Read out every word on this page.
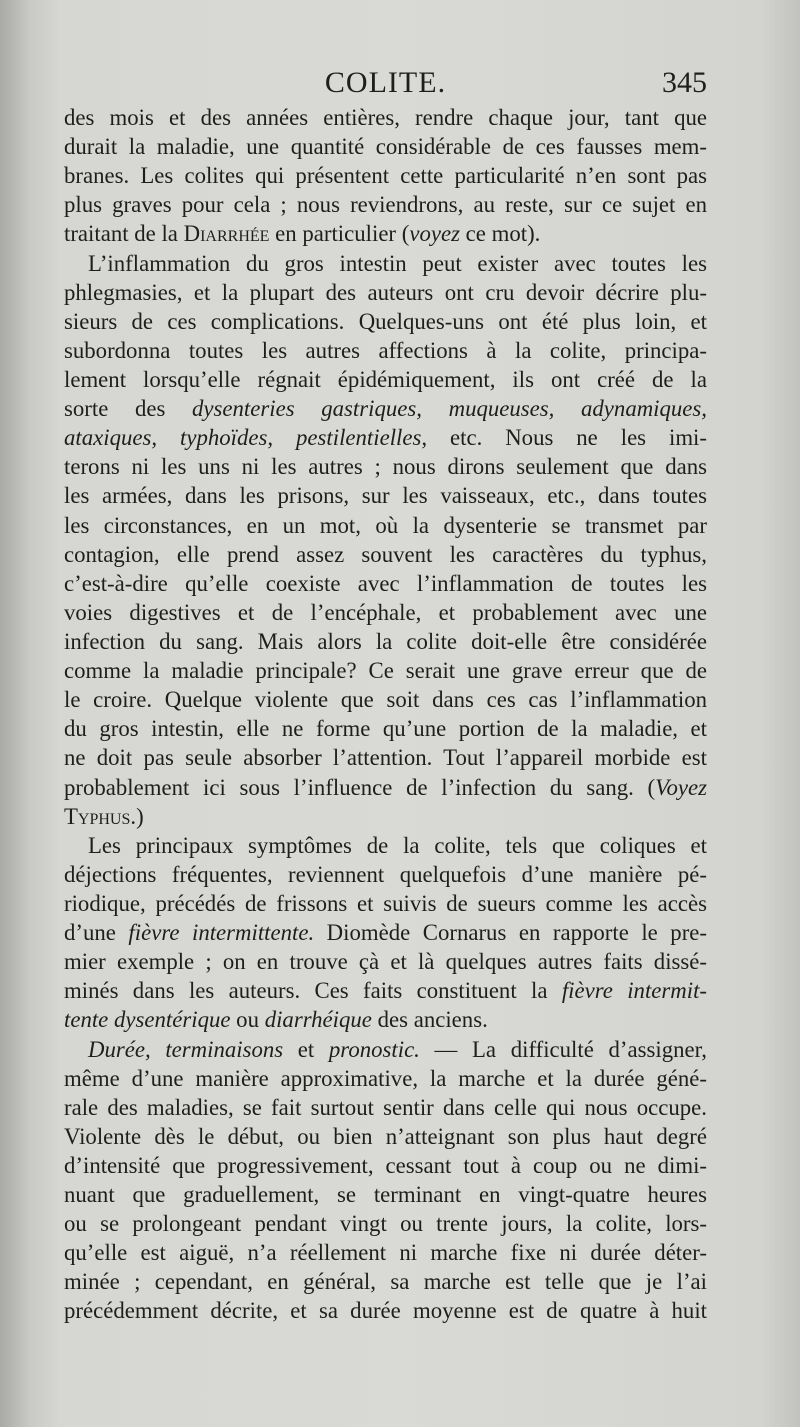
COLITE.	345
des mois et des années entières, rendre chaque jour, tant que
durait la maladie, une quantité considérable de ces fausses mem-
branes. Les colites qui présentent cette particularité n’en sont pas
plus graves pour cela ; nous reviendrons, au reste, sur ce sujet en
traitant de la Diarrhée en particulier (voyez ce mot).
L’inflammation du gros intestin peut exister avec toutes les
phlegmasies, et la plupart des auteurs ont cru devoir décrire plu-
sieurs de ces complications. Quelques-uns ont été plus loin, et
subordonna toutes les autres affections à la colite, principa-
lement lorsqu’elle régnait épidémiquement, ils ont créé de la
sorte des dysenteries gastriques, muqueuses, adynamiques,
ataxiques, typhoïdes, pestilentielles, etc. Nous ne les imi-
terons ni les uns ni les autres ; nous dirons seulement que dans
les armées, dans les prisons, sur les vaisseaux, etc., dans toutes
les circonstances, en un mot, où la dysenterie se transmet par
contagion, elle prend assez souvent les caractères du typhus,
c’est-à-dire qu’elle coexiste avec l’inflammation de toutes les
voies digestives et de l’encéphale, et probablement avec une
infection du sang. Mais alors la colite doit-elle être considérée
comme la maladie principale? Ce serait une grave erreur que de
le croire. Quelque violente que soit dans ces cas l’inflammation
du gros intestin, elle ne forme qu’une portion de la maladie, et
ne doit pas seule absorber l’attention. Tout l’appareil morbide est
probablement ici sous l’influence de l’infection du sang. (Voyez
Typhus.)
Les principaux symptômes de la colite, tels que coliques et
déjections fréquentes, reviennent quelquefois d’une manière pé-
riodique, précédés de frissons et suivis de sueurs comme les accès
d’une fièvre intermittente. Diomède Cornarus en rapporte le pre-
mier exemple ; on en trouve çà et là quelques autres faits dissé-
minés dans les auteurs. Ces faits constituent la fièvre intermit-
tente dysentérique ou diarrhéique des anciens.
Durée, terminaisons et pronostic. — La difficulté d’assigner,
même d’une manière approximative, la marche et la durée géné-
rale des maladies, se fait surtout sentir dans celle qui nous occupe.
Violente dès le début, ou bien n’atteignant son plus haut degré
d’intensité que progressivement, cessant tout à coup ou ne dimi-
nuant que graduellement, se terminant en vingt-quatre heures
ou se prolongeant pendant vingt ou trente jours, la colite, lors-
qu’elle est aiguë, n’a réellement ni marche fixe ni durée déter-
minée ; cependant, en général, sa marche est telle que je l’ai
précédemment décrite, et sa durée moyenne est de quatre à huit
